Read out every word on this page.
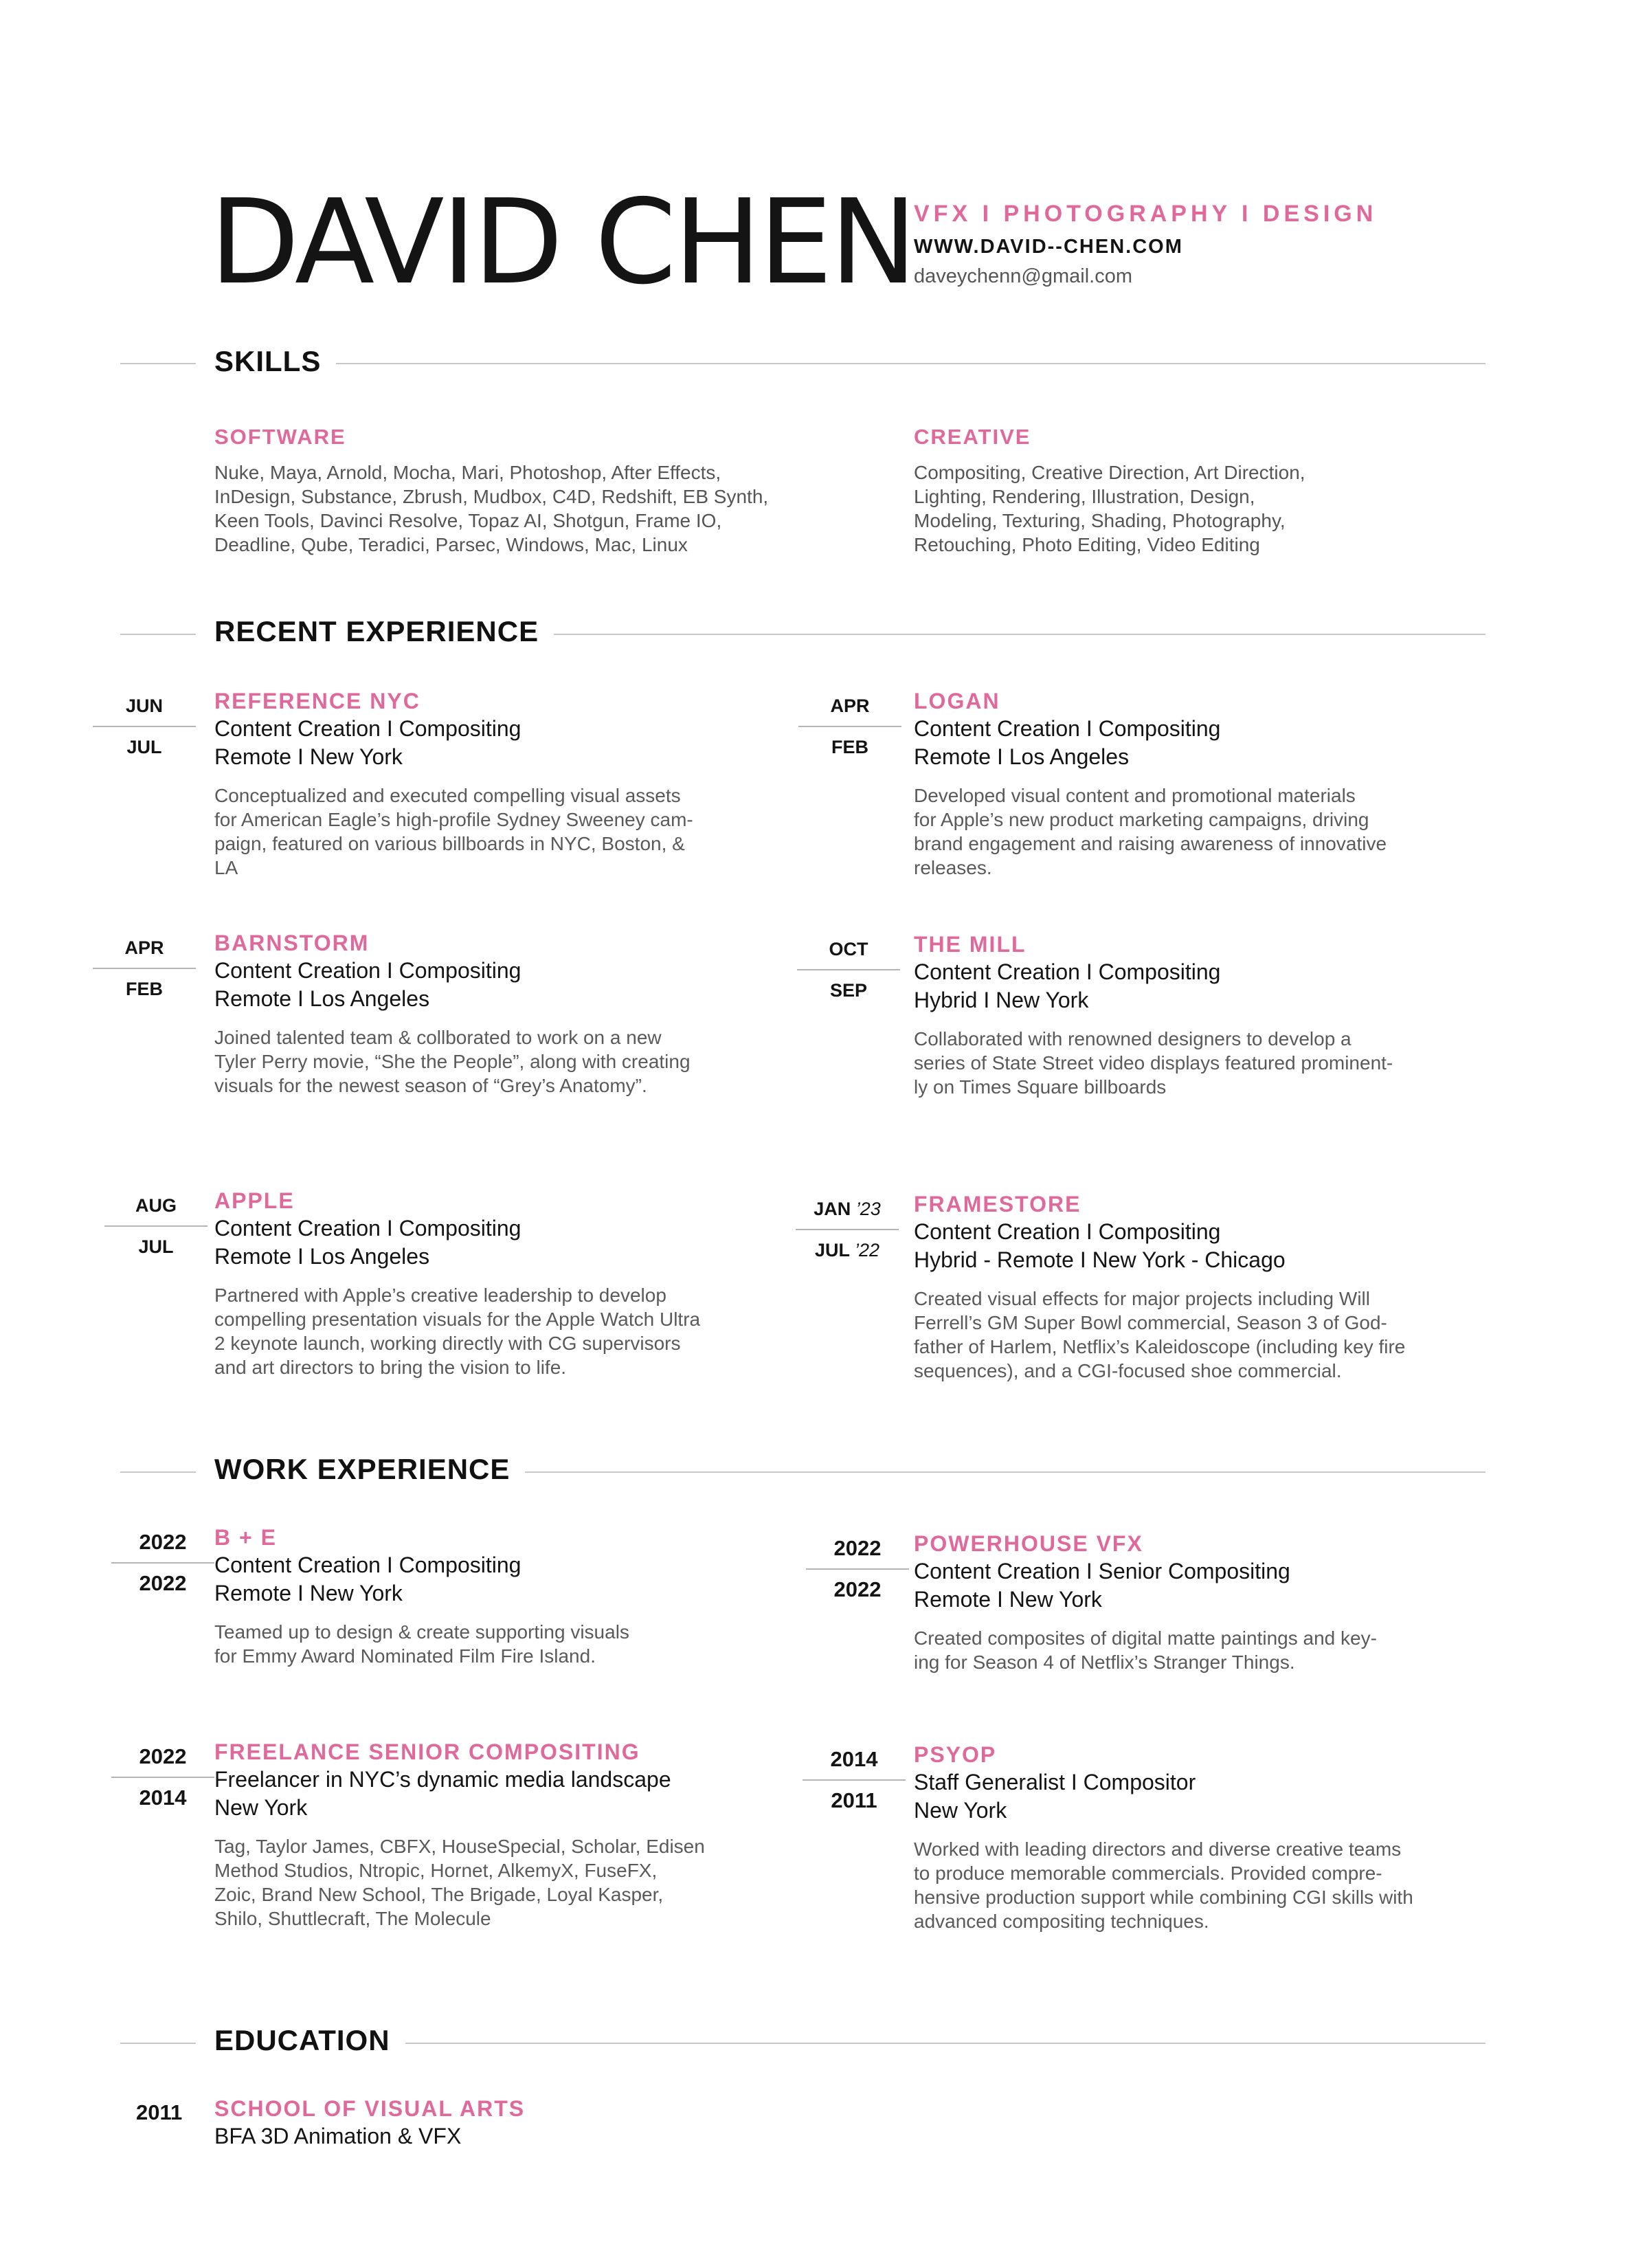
DAVID CHEN VFX I PHOTOGRAPHY I DESIGN
WWW.DAVID--CHEN.COM
daveychenn@gmail.com
SKILLS
SOFTWARE
Nuke, Maya, Arnold, Mocha, Mari, Photoshop, After Effects,
InDesign, Substance, Zbrush, Mudbox, C4D, Redshift, EB Synth,
Keen Tools, Davinci Resolve, Topaz AI, Shotgun, Frame IO,
Deadline, Qube, Teradici, Parsec, Windows, Mac, Linux
CREATIVE
Compositing, Creative Direction, Art Direction,
Lighting, Rendering, Illustration, Design,
Modeling, Texturing, Shading, Photography,
Retouching, Photo Editing, Video Editing
RECENT EXPERIENCE
JUN
JUL
REFERENCE NYC
Content Creation I Compositing
Remote I New York
Conceptualized and executed compelling visual assets
for American Eagle’s high-profile Sydney Sweeney cam-
paign, featured on various billboards in NYC, Boston, &
LA
APR
FEB
LOGAN
Content Creation I Compositing
Remote I Los Angeles
Developed visual content and promotional materials
for Apple’s new product marketing campaigns, driving
brand engagement and raising awareness of innovative
releases.
APR
FEB
BARNSTORM
Content Creation I Compositing
Remote I Los Angeles
Joined talented team & collborated to work on a new
Tyler Perry movie, “She the People”, along with creating
visuals for the newest season of “Grey’s Anatomy”.
OCT
SEP
THE MILL
Content Creation I Compositing
Hybrid I New York
Collaborated with renowned designers to develop a
series of State Street video displays featured prominent-
ly on Times Square billboards
AUG
JUL
APPLE
Content Creation I Compositing
Remote I Los Angeles
Partnered with Apple’s creative leadership to develop
compelling presentation visuals for the Apple Watch Ultra
2 keynote launch, working directly with CG supervisors
and art directors to bring the vision to life.
JAN ’23
JUL ’22
FRAMESTORE
Content Creation I Compositing
Hybrid - Remote I New York - Chicago
Created visual effects for major projects including Will
Ferrell’s GM Super Bowl commercial, Season 3 of God-
father of Harlem, Netflix’s Kaleidoscope (including key fire
sequences), and a CGI-focused shoe commercial.
WORK EXPERIENCE
2022
2022
B + E
Content Creation I Compositing
Remote I New York
Teamed up to design & create supporting visuals
for Emmy Award Nominated Film Fire Island.
2022
2022
POWERHOUSE VFX
Content Creation I Senior Compositing
Remote I New York
Created composites of digital matte paintings and key-
ing for Season 4 of Netflix’s Stranger Things.
2022
2014
FREELANCE SENIOR COMPOSITING
Freelancer in NYC’s dynamic media landscape
New York
Tag, Taylor James, CBFX, HouseSpecial, Scholar, Edisen
Method Studios, Ntropic, Hornet, AlkemyX, FuseFX,
Zoic, Brand New School, The Brigade, Loyal Kasper,
Shilo, Shuttlecraft, The Molecule
2014
2011
PSYOP
Staff Generalist I Compositor
New York
Worked with leading directors and diverse creative teams
to produce memorable commercials. Provided compre-
hensive production support while combining CGI skills with
advanced compositing techniques.
EDUCATION
2011 SCHOOL OF VISUAL ARTS
BFA 3D Animation & VFX
